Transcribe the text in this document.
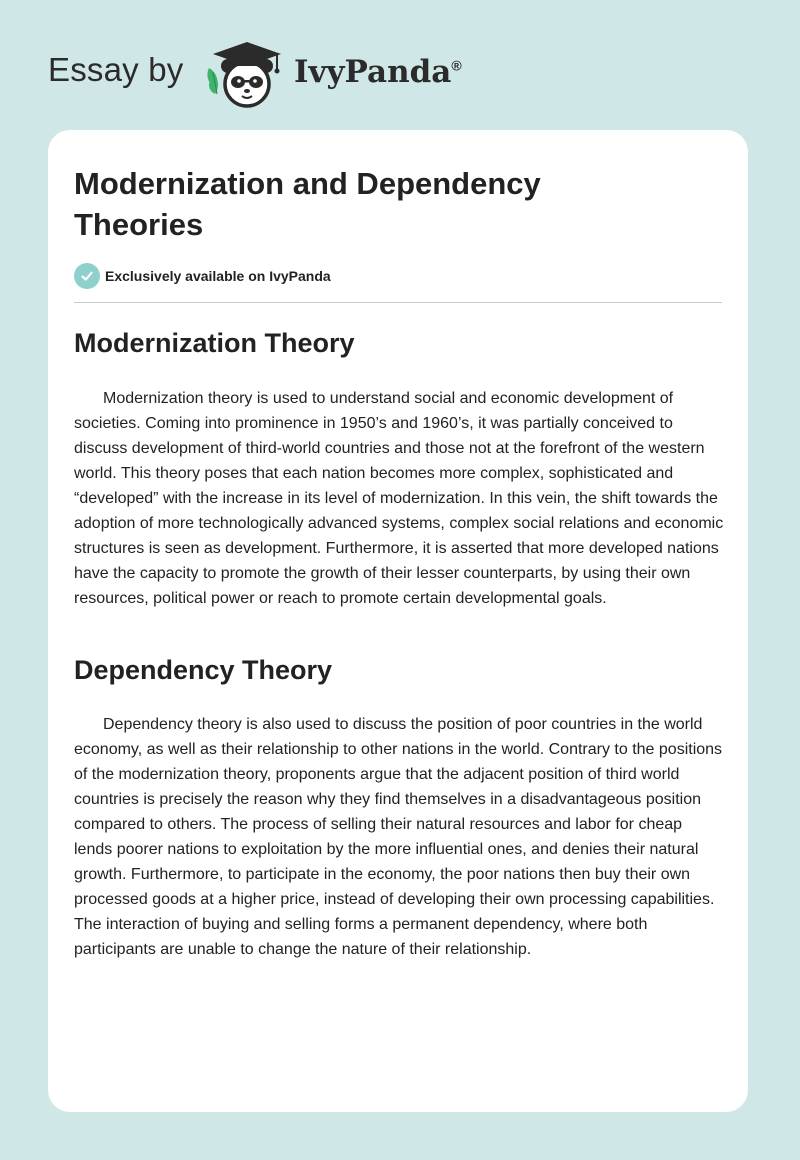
Essay by	IvyPanda®
Modernization and Dependency Theories
Exclusively available on IvyPanda
Modernization Theory

Modernization theory is used to understand social and economic development of societies. Coming into prominence in 1950’s and 1960’s, it was partially conceived to discuss development of third-world countries and those not at the forefront of the western world. This theory poses that each nation becomes more complex, sophisticated and “developed” with the increase in its level of modernization. In this vein, the shift towards the adoption of more technologically advanced systems, complex social relations and economic structures is seen as development. Furthermore, it is asserted that more developed nations have the capacity to promote the growth of their lesser counterparts, by using their own resources, political power or reach to promote certain developmental goals.

Dependency Theory

Dependency theory is also used to discuss the position of poor countries in the world economy, as well as their relationship to other nations in the world. Contrary to the positions of the modernization theory, proponents argue that the adjacent position of third world countries is precisely the reason why they find themselves in a disadvantageous position compared to others. The process of selling their natural resources and labor for cheap lends poorer nations to exploitation by the more influential ones, and denies their natural growth. Furthermore, to participate in the economy, the poor nations then buy their own processed goods at a higher price, instead of developing their own processing capabilities. The interaction of buying and selling forms a permanent dependency, where both participants are unable to change the nature of their relationship.
